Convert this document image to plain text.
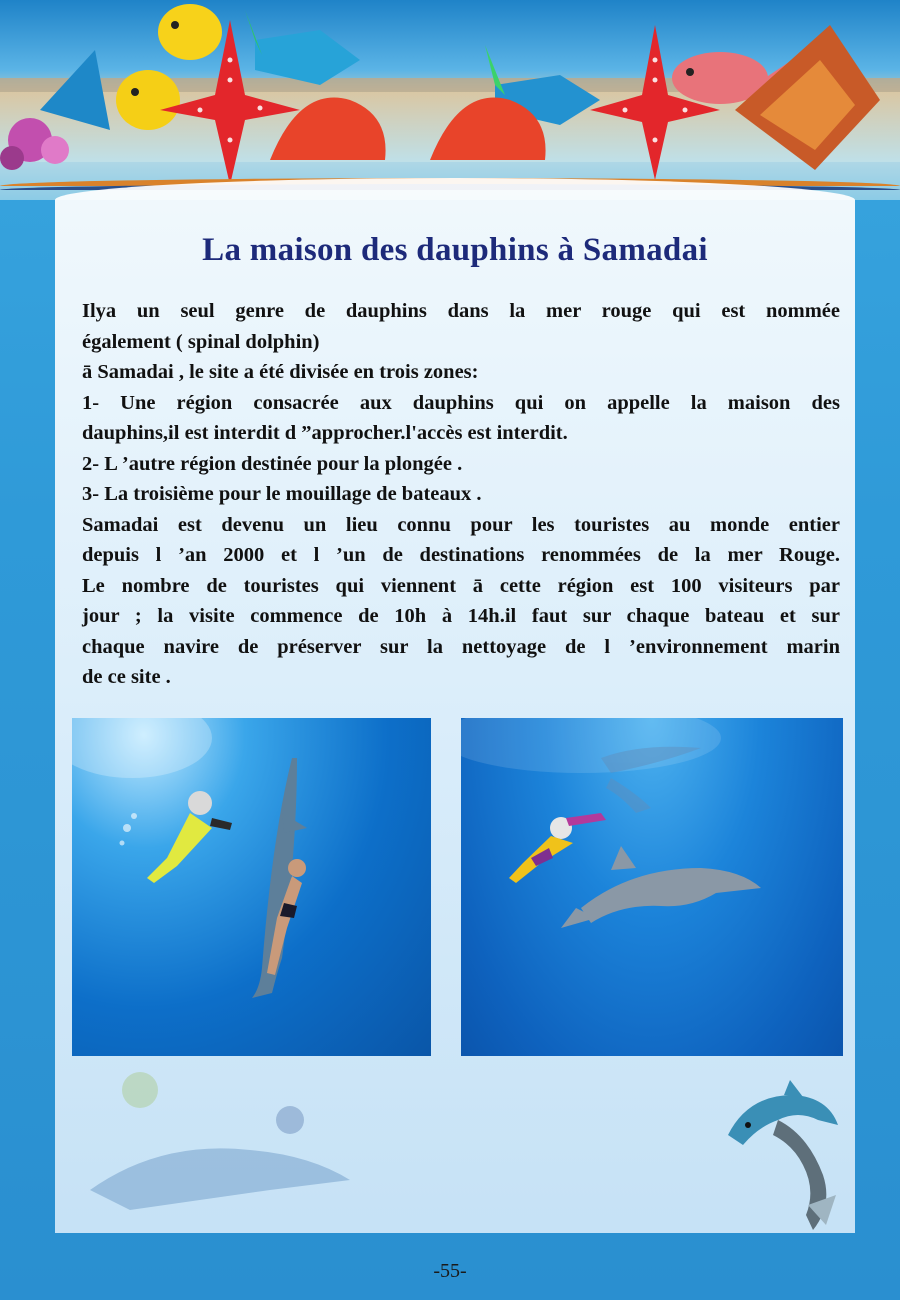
La maison des dauphins à Samadai

Ilya un seul genre de dauphins dans la mer rouge qui est nommée

également ( spinal dolphin)

ā Samadai , le site a été divisée en trois zones:

1- Une région consacrée aux dauphins qui on appelle la maison des

dauphins,il est interdit d ”approcher.l'accès est interdit.

2- L ’autre région destinée pour la plongée .

3- La troisième pour le mouillage de bateaux .

Samadai est devenu un lieu connu pour les touristes au monde entier

depuis l ’an 2000 et l ’un de destinations renommées de la mer Rouge.

Le nombre de touristes qui viennent ā cette région est 100 visiteurs par

jour ; la visite commence de 10h à 14h.il faut sur chaque bateau et sur

chaque navire de préserver sur la nettoyage de l ’environnement marin

de ce site .

-55-
